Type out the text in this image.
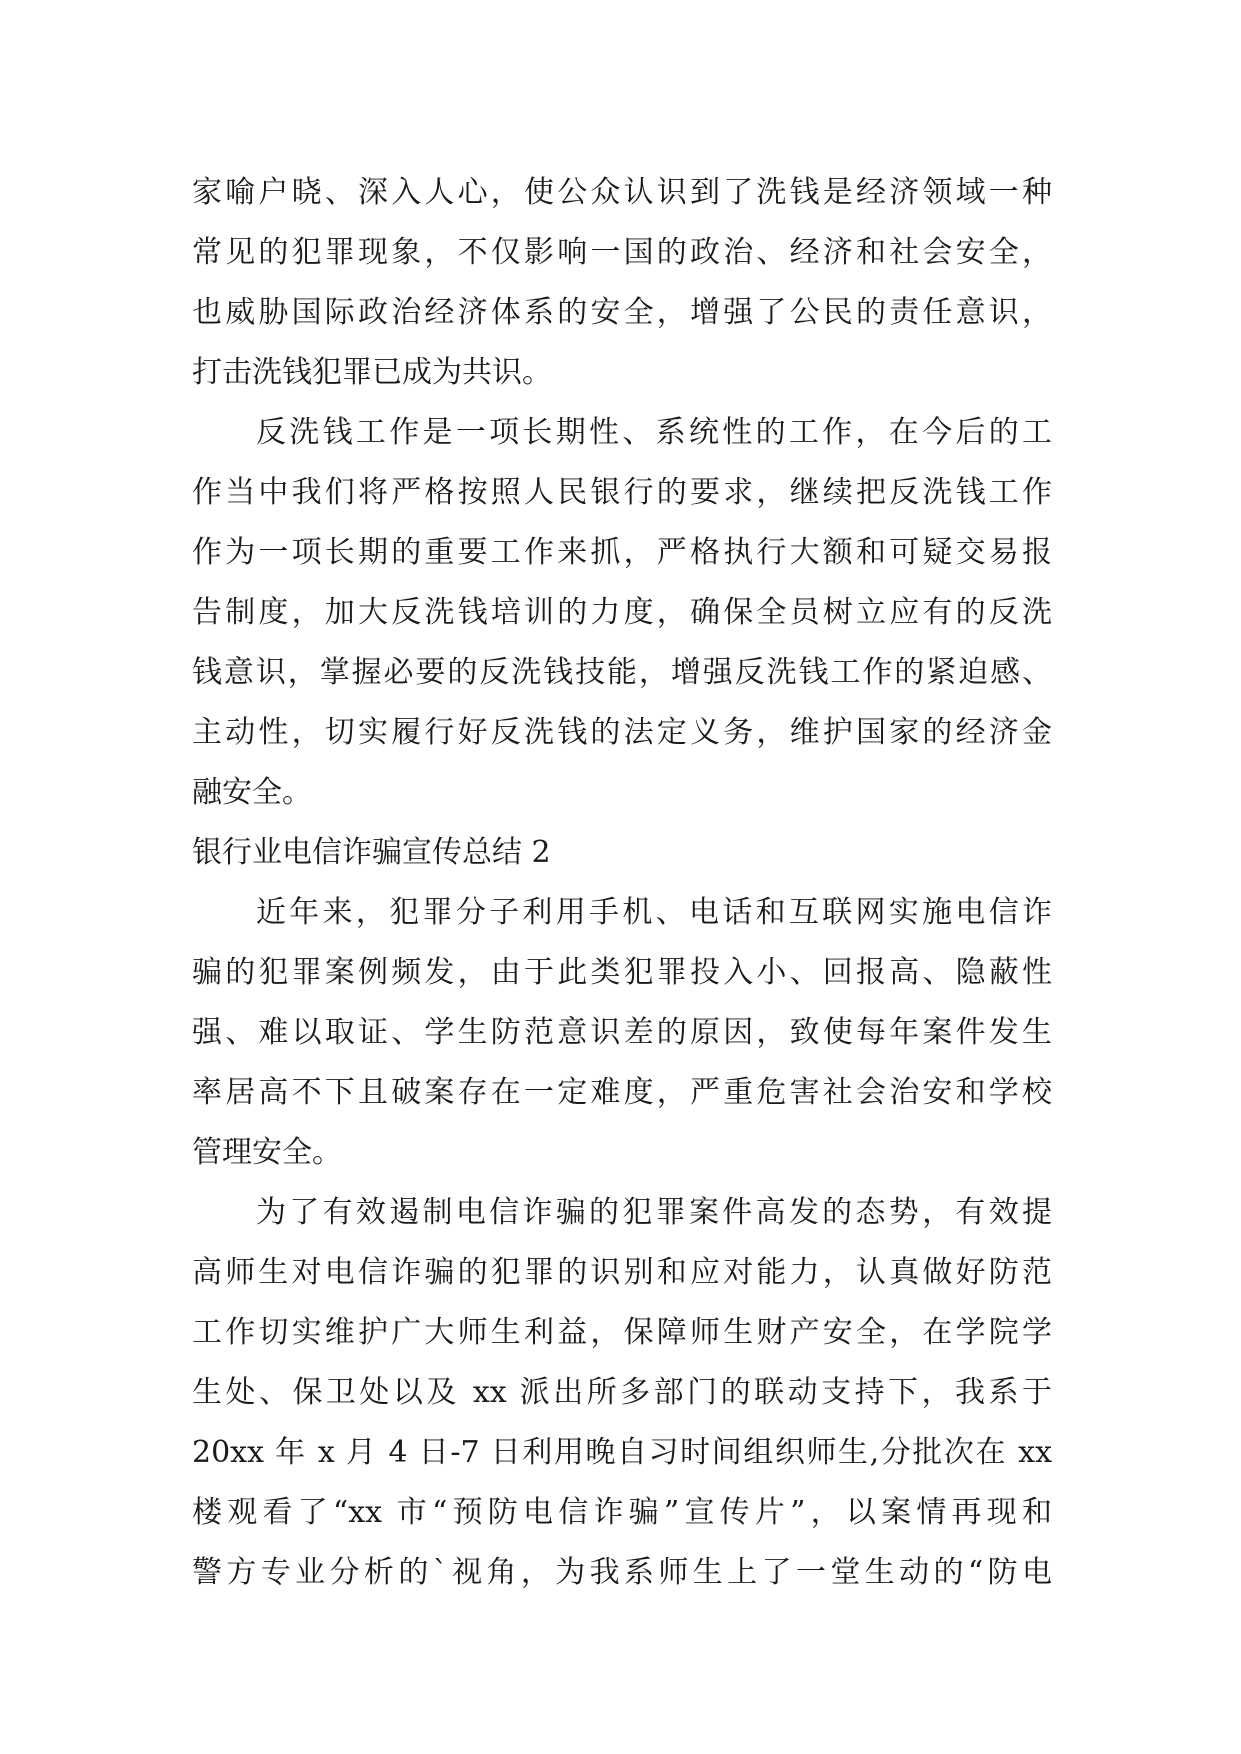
家喻户晓、深入人心，使公众认识到了洗钱是经济领域一种
常见的犯罪现象，不仅影响一国的政治、经济和社会安全，
也威胁国际政治经济体系的安全，增强了公民的责任意识，
打击洗钱犯罪已成为共识。
反洗钱工作是一项长期性、系统性的工作，在今后的工
作当中我们将严格按照人民银行的要求，继续把反洗钱工作
作为一项长期的重要工作来抓，严格执行大额和可疑交易报
告制度，加大反洗钱培训的力度，确保全员树立应有的反洗
钱意识，掌握必要的反洗钱技能，增强反洗钱工作的紧迫感、
主动性，切实履行好反洗钱的法定义务，维护国家的经济金
融安全。
银行业电信诈骗宣传总结 2
近年来，犯罪分子利用手机、电话和互联网实施电信诈
骗的犯罪案例频发，由于此类犯罪投入小、回报高、隐蔽性
强、难以取证、学生防范意识差的原因，致使每年案件发生
率居高不下且破案存在一定难度，严重危害社会治安和学校
管理安全。
为了有效遏制电信诈骗的犯罪案件高发的态势，有效提
高师生对电信诈骗的犯罪的识别和应对能力，认真做好防范
工作切实维护广大师生利益，保障师生财产安全，在学院学
生处、保卫处以及 xx 派出所多部门的联动支持下，我系于
20xx 年 x 月 4 日-7 日利用晚自习时间组织师生,分批次在 xx
楼观看了“xx 市“预防电信诈骗”宣传片”，以案情再现和
警方专业分析的`视角，为我系师生上了一堂生动的“防电
